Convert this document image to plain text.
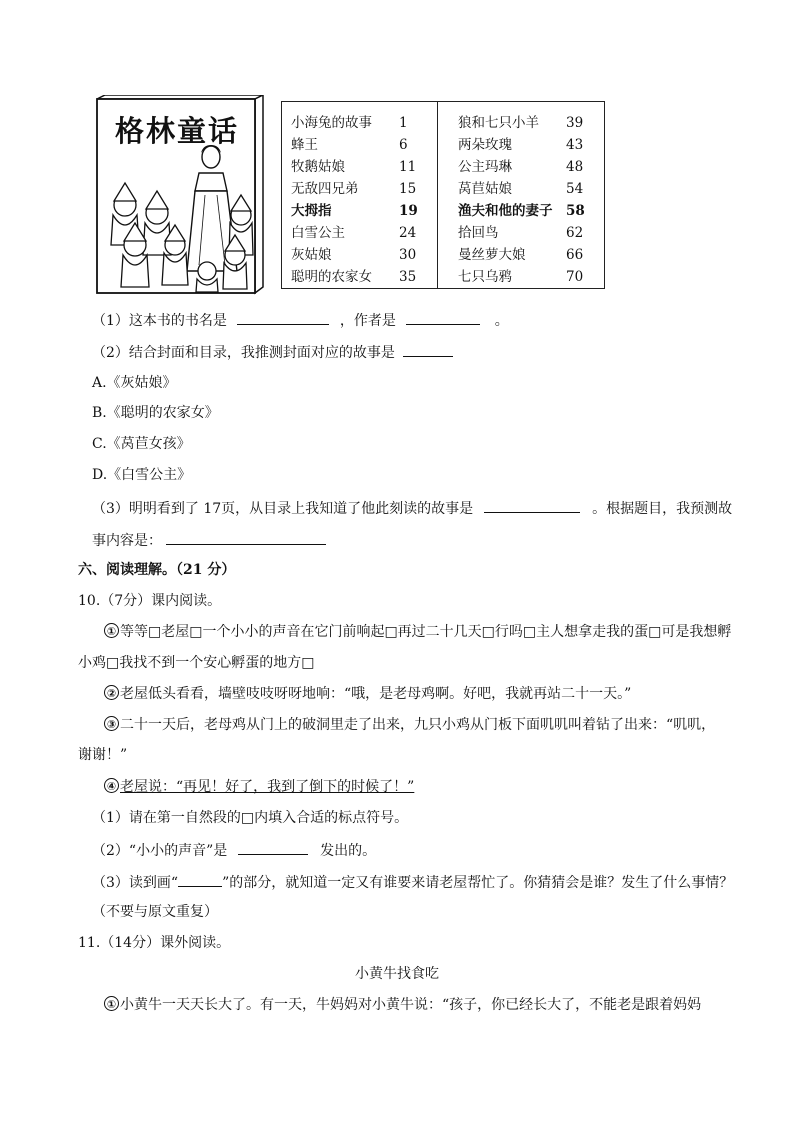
格林童话	小海兔的故事 1
蜂王	6
牧鹅姑娘	11
无敌四兄弟	15
大拇指	19
白雪公主	24
灰姑娘	30
聪明的农家女 35
狼和七只小羊 39
两朵玫瑰	43
公主玛琳	48
莴苣姑娘	54
渔夫和他的妻子 58
拾回鸟	62
曼丝萝大娘	66
七只乌鸦	70
（1）这本书的书名是	，作者是	。
（2）结合封面和目录，我推测封面对应的故事是
A.《灰姑娘》
B.《聪明的农家女》
C.《莴苣女孩》
D.《白雪公主》
（3）明明看到了 17页，从目录上我知道了他此刻读的故事是	。根据题目，我预测故
事内容是：
六、阅读理解。（21 分）
10.（7分）课内阅读。
① 等等□老屋□一个小小的声音在它门前响起□再过二十几天□行吗□主人想拿走我的蛋□可是我想孵
小鸡□我找不到一个安心孵蛋的地方□
② 老屋低头看看，墙壁吱吱呀呀地响：“哦，是老母鸡啊。好吧，我就再站二十一天。”
③ 二十一天后，老母鸡从门上的破洞里走了出来，九只小鸡从门板下面叽叽叫着钻了出来：“叽叽，
谢谢！”
④ 老屋说：“再见！好了，我到了倒下的时候了！”
（1）请在第一自然段的□内填入合适的标点符号。
（2）“小小的声音”是	发出的。
（3）读到画“	”的部分，就知道一定又有谁要来请老屋帮忙了。你猜猜会是谁？发生了什么事情？
（不要与原文重复）
11.（14分）课外阅读。
小黄牛找食吃
① 小黄牛一天天长大了。有一天，牛妈妈对小黄牛说：“孩子，你已经长大了，不能老是跟着妈妈
